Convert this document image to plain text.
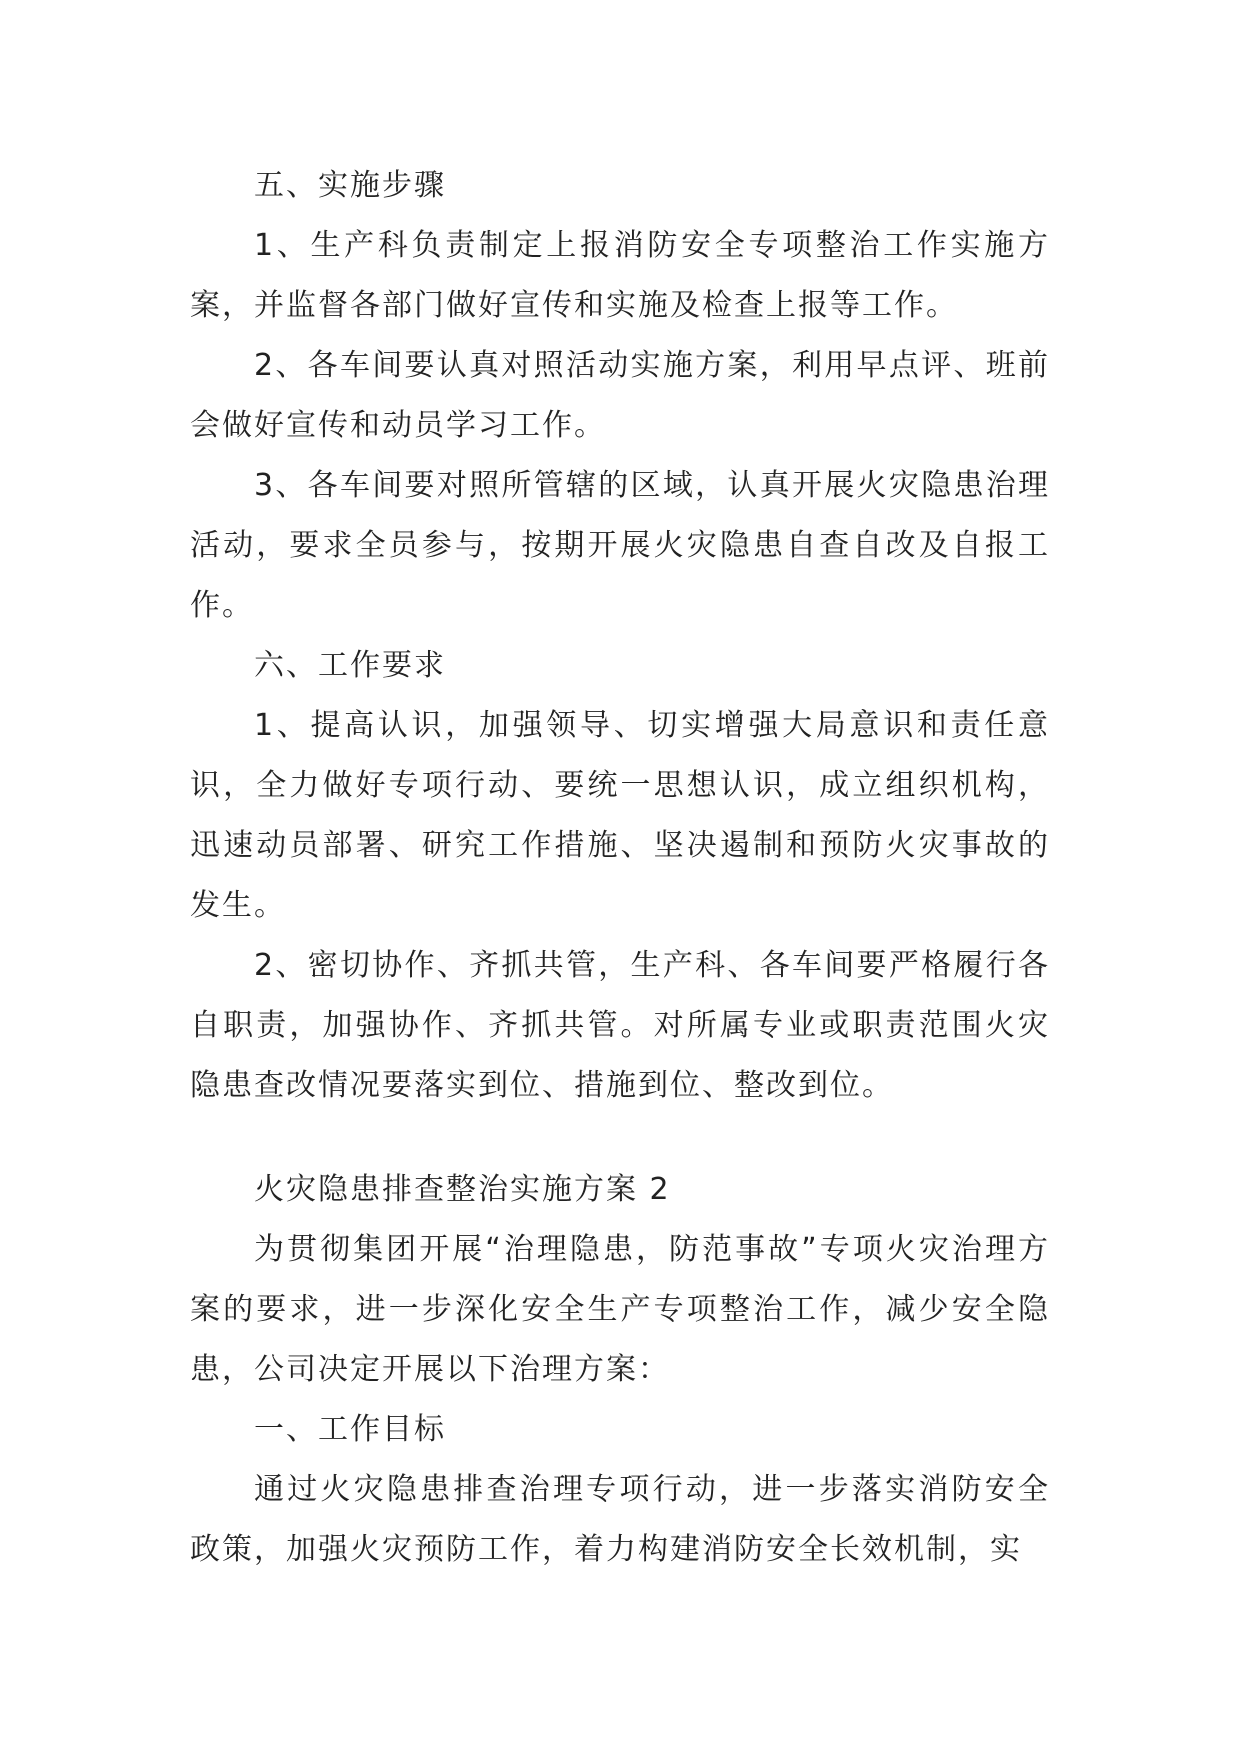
五、实施步骤

1、生产科负责制定上报消防安全专项整治工作实施方案，并监督各部门做好宣传和实施及检查上报等工作。

2、各车间要认真对照活动实施方案，利用早点评、班前会做好宣传和动员学习工作。

3、各车间要对照所管辖的区域，认真开展火灾隐患治理活动，要求全员参与，按期开展火灾隐患自查自改及自报工作。

六、工作要求

1、提高认识，加强领导、切实增强大局意识和责任意识，全力做好专项行动、要统一思想认识，成立组织机构，迅速动员部署、研究工作措施、坚决遏制和预防火灾事故的发生。

2、密切协作、齐抓共管，生产科、各车间要严格履行各自职责，加强协作、齐抓共管。对所属专业或职责范围火灾隐患查改情况要落实到位、措施到位、整改到位。

火灾隐患排查整治实施方案 2

为贯彻集团开展“治理隐患，防范事故”专项火灾治理方案的要求，进一步深化安全生产专项整治工作，减少安全隐患，公司决定开展以下治理方案：

一、工作目标

通过火灾隐患排查治理专项行动，进一步落实消防安全政策，加强火灾预防工作，着力构建消防安全长效机制，实
